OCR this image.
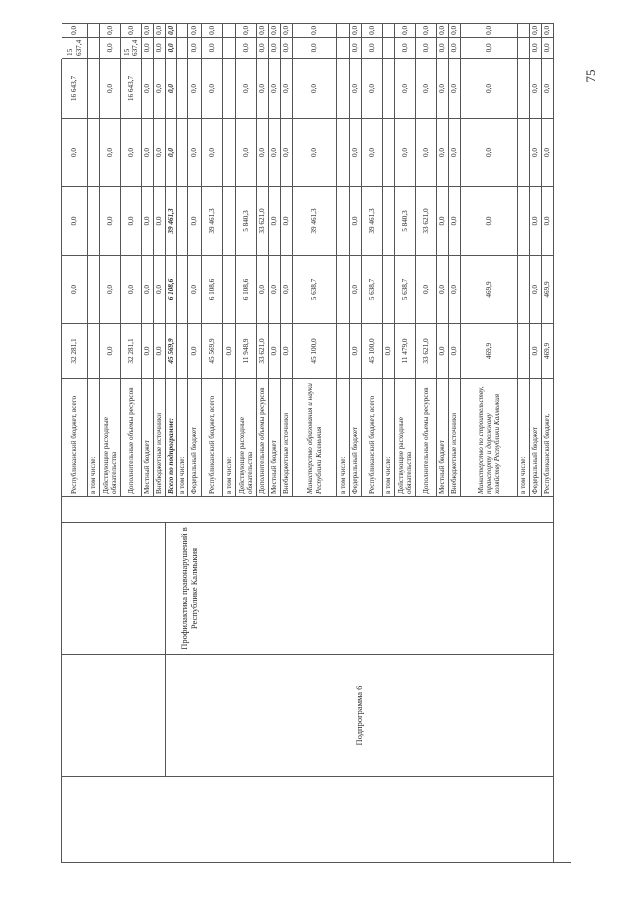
75
Подпрограмма 6
Профилактика правонарушений в Республике Калмыкия
Республиканский бюджет, всего
32 281,1
0,0
0,0
0,0
16 643,7
15 637,4
0,0
в том числе: Действующие расходные обязательства
0,0
0,0
0,0
0,0
0,0
0,0
0,0
Дополнительные объемы ресурсов
32 281,1
0,0
0,0
0,0
16 643,7
15 637,4
0,0
Местный бюджет
0,0
0,0
0,0
0,0
0,0
0,0
0,0
Внебюджетные источники
0,0
0,0
0,0
0,0
0,0
0,0
0,0
Всего по подпрограмме:
45 569,9
6 108,6
39 461,3
0,0
0,0
0,0
0,0
в том числе: Федеральный бюджет
0,0
0,0
0,0
0,0
0,0
0,0
0,0
Республиканский бюджет, всего
45 569,9
6 108,6
39 461,3
0,0
0,0
0,0
0,0
в том числе:
0,0
Действующие расходные обязательства
11 948,9
6 108,6
5 840,3
0,0
0,0
0,0
0,0
Дополнительные объемы ресурсов
33 621,0
0,0
33 621,0
0,0
0,0
0,0
0,0
Местный бюджет
0,0
0,0
0,0
0,0
0,0
0,0
0,0
Внебюджетные источники
0,0
0,0
0,0
0,0
0,0
0,0
0,0
Министерство образования и науки Республики Калмыкия
45 100,0
5 638,7
39 461,3
0,0
0,0
0,0
0,0
в том числе: Федеральный бюджет
0,0
0,0
0,0
0,0
0,0
0,0
0,0
Республиканский бюджет, всего
45 100,0
5 638,7
39 461,3
0,0
0,0
0,0
0,0
в том числе:
0,0
Действующие расходные обязательства
11 479,0
5 638,7
5 840,3
0,0
0,0
0,0
0,0
Дополнительные объемы ресурсов
33 621,0
0,0
33 621,0
0,0
0,0
0,0
0,0
Местный бюджет
0,0
0,0
0,0
0,0
0,0
0,0
0,0
Внебюджетные источники
0,0
0,0
0,0
0,0
0,0
0,0
0,0
Министерство по строительству, транспорту и дорожному хозяйству Республики Калмыкия
469,9
469,9
0,0
0,0
0,0
0,0
0,0
в том числе: Федеральный бюджет
0,0
0,0
0,0
0,0
0,0
0,0
0,0
Республиканский бюджет,
469,9
469,9
0,0
0,0
0,0
0,0
0,0
